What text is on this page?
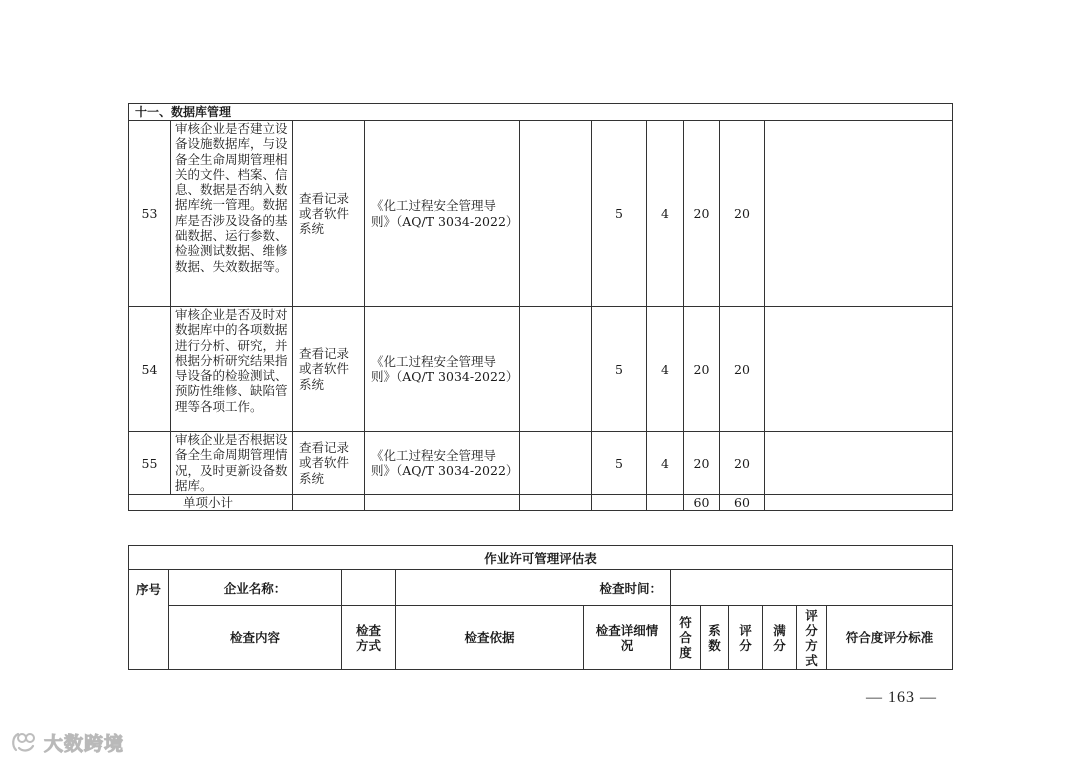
十一、数据库管理									
53	审核企业是否建立设备设施数据库，与设备全生命周期管理相关的文件、档案、信息、数据是否纳入数据库统一管理。数据库是否涉及设备的基础数据、运行参数、检验测试数据、维修数据、失效数据等。	查看记录或者软件系统	《化工过程安全管理导则》（AQ/T 3034-2022）		5	4	20	20	
54	审核企业是否及时对数据库中的各项数据进行分析、研究，并根据分析研究结果指导设备的检验测试、预防性维修、缺陷管理等各项工作。	查看记录或者软件系统	《化工过程安全管理导则》（AQ/T 3034-2022）		5	4	20	20	
55	审核企业是否根据设备全生命周期管理情况，及时更新设备数据库。	查看记录或者软件系统	《化工过程安全管理导则》（AQ/T 3034-2022）		5	4	20	20	
单项小计							60	60	
作业许可管理评估表										
序号	企业名称：		检查时间：							
	检查内容	检查方式	检查依据	检查详细情况	符合度	系数	评分	满分	评分方式	符合度评分标准
— 163 —
大数跨境
